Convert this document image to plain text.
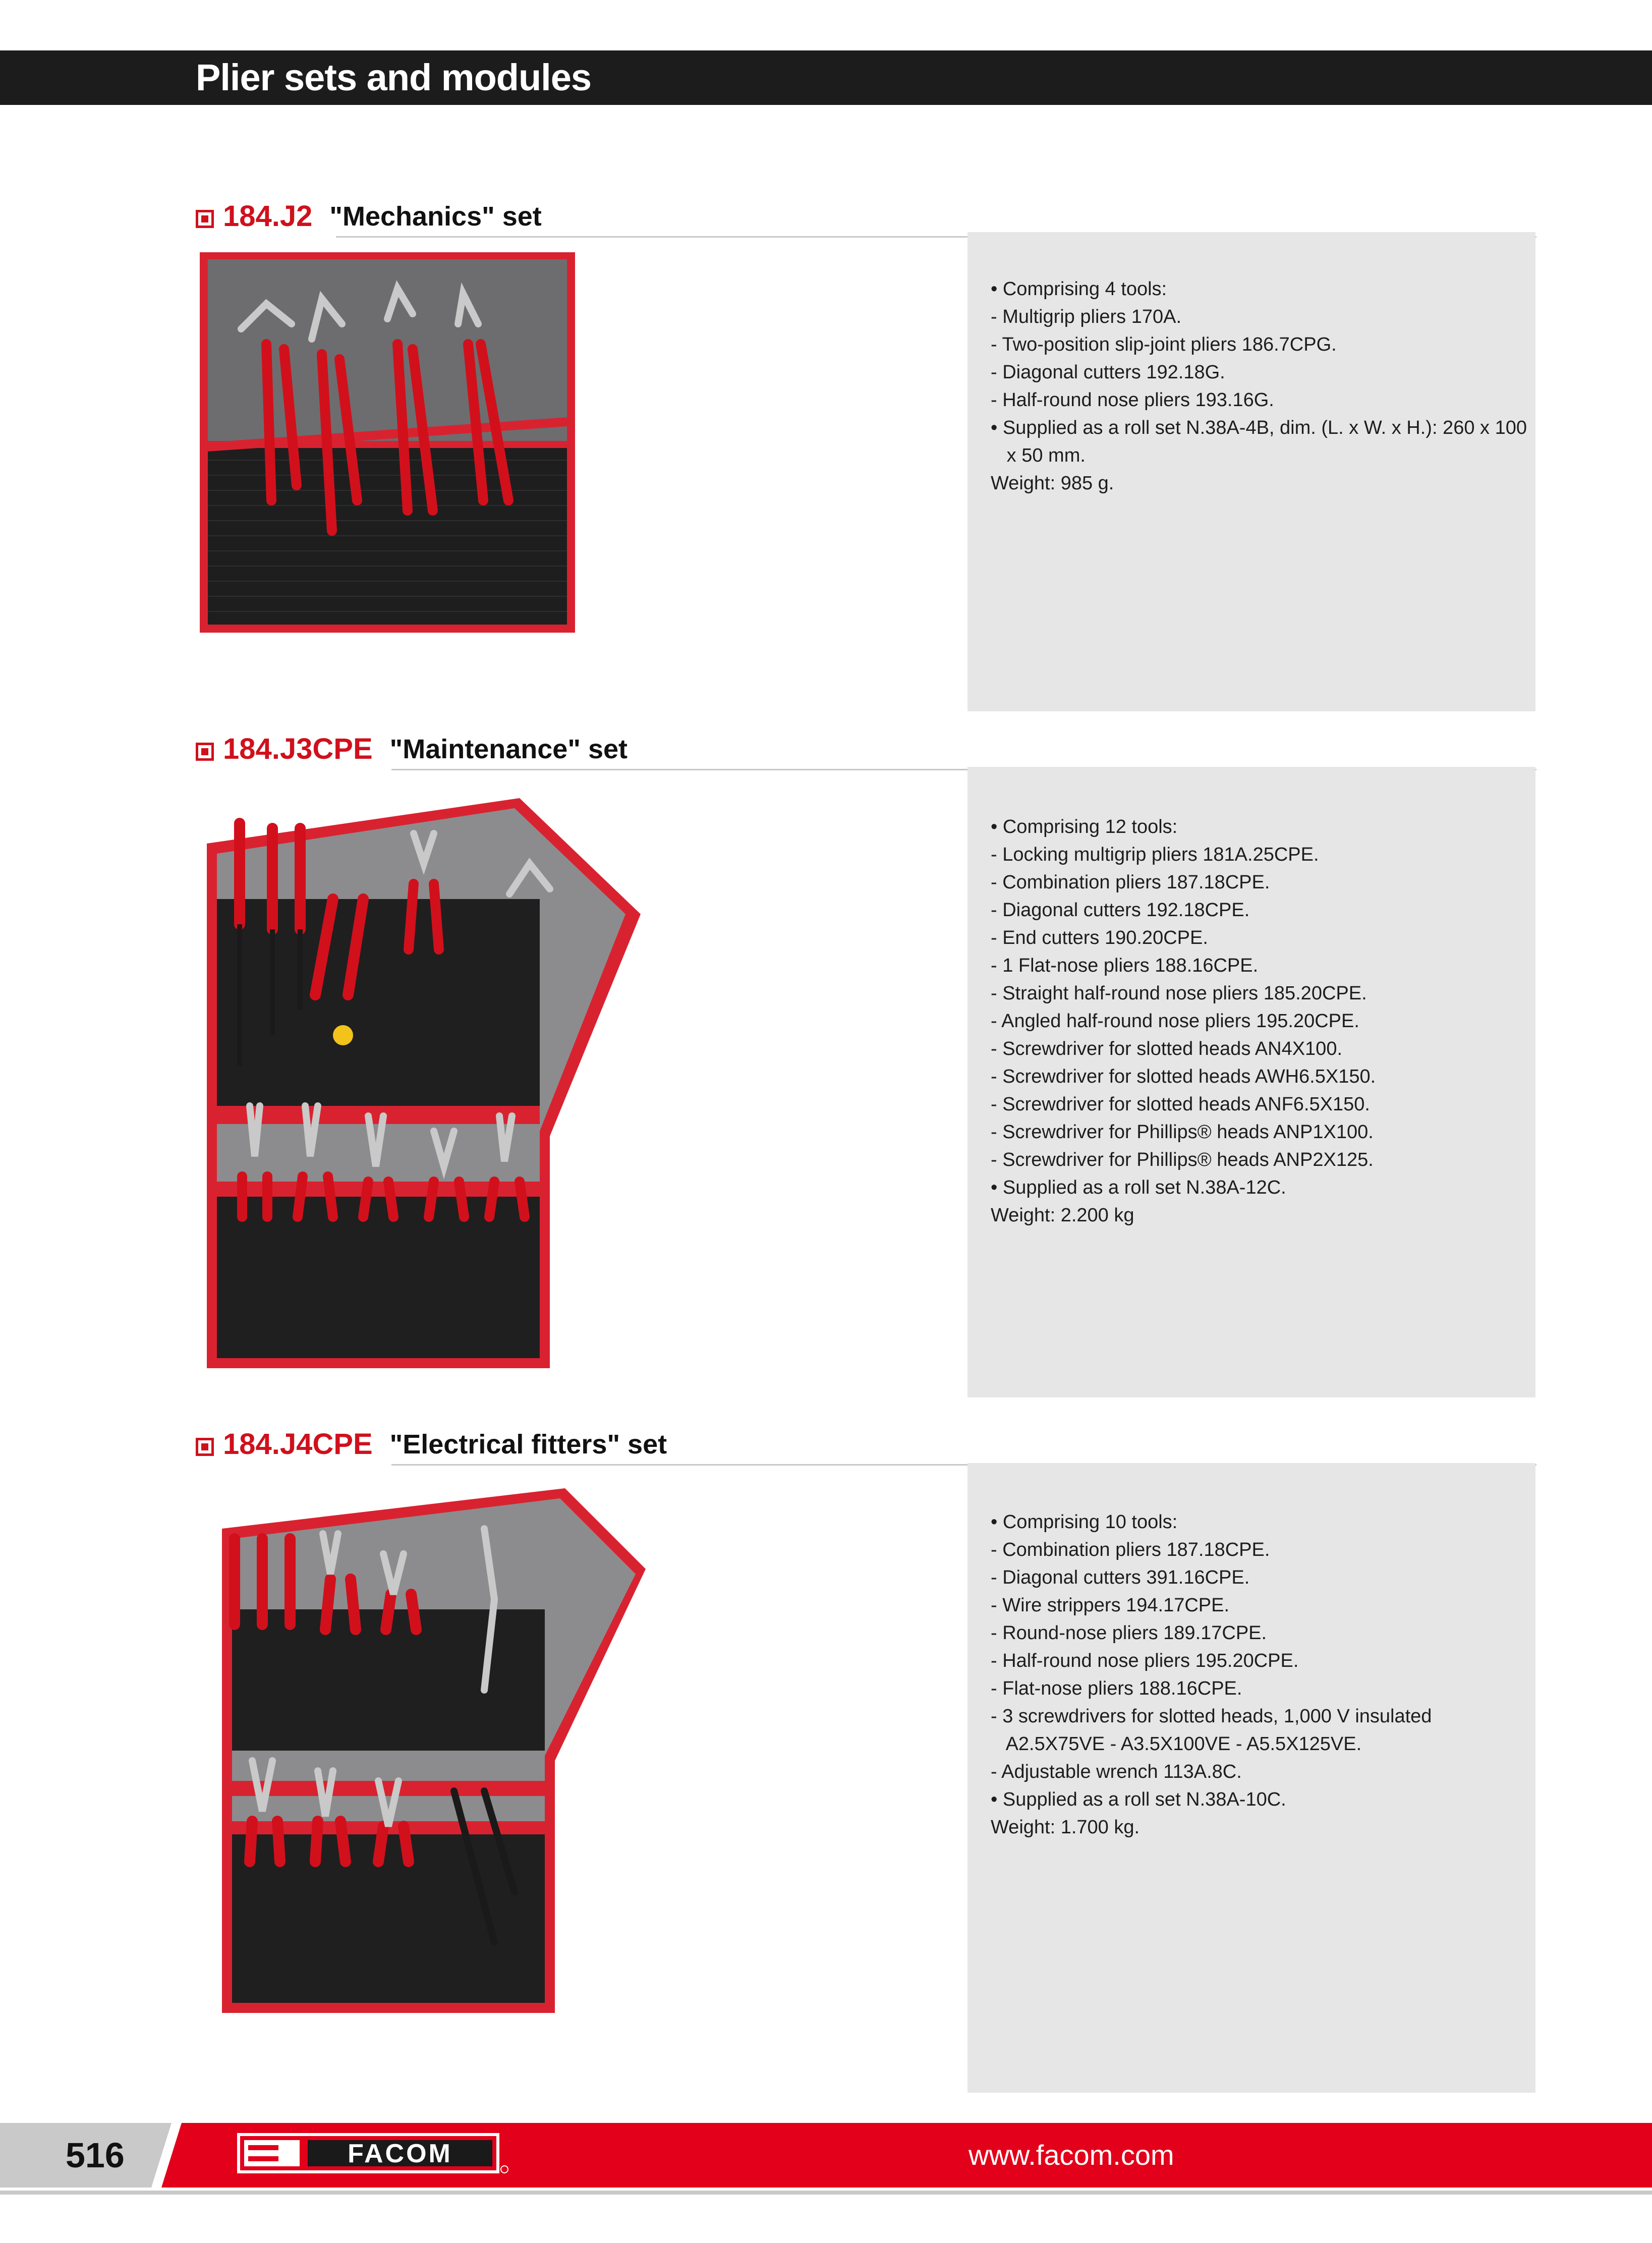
Plier sets and modules
184.J2 "Mechanics" set
• Comprising 4 tools:
- Multigrip pliers 170A.
- Two-position slip-joint pliers 186.7CPG.
- Diagonal cutters 192.18G.
- Half-round nose pliers 193.16G.
• Supplied as a roll set N.38A-4B, dim. (L. x W. x H.): 260 x 100
x 50 mm.
Weight: 985 g.
184.J3CPE "Maintenance" set
• Comprising 12 tools:
- Locking multigrip pliers 181A.25CPE.
- Combination pliers 187.18CPE.
- Diagonal cutters 192.18CPE.
- End cutters 190.20CPE.
- 1 Flat-nose pliers 188.16CPE.
- Straight half-round nose pliers 185.20CPE.
- Angled half-round nose pliers 195.20CPE.
- Screwdriver for slotted heads AN4X100.
- Screwdriver for slotted heads AWH6.5X150.
- Screwdriver for slotted heads ANF6.5X150.
- Screwdriver for Phillips® heads ANP1X100.
- Screwdriver for Phillips® heads ANP2X125.
• Supplied as a roll set N.38A-12C.
Weight: 2.200 kg
184.J4CPE "Electrical fitters" set
• Comprising 10 tools:
- Combination pliers 187.18CPE.
- Diagonal cutters 391.16CPE.
- Wire strippers 194.17CPE.
- Round-nose pliers 189.17CPE.
- Half-round nose pliers 195.20CPE.
- Flat-nose pliers 188.16CPE.
- 3 screwdrivers for slotted heads, 1,000 V insulated
A2.5X75VE - A3.5X100VE - A5.5X125VE.
- Adjustable wrench 113A.8C.
• Supplied as a roll set N.38A-10C.
Weight: 1.700 kg.
516	FACOM	www.facom.com
